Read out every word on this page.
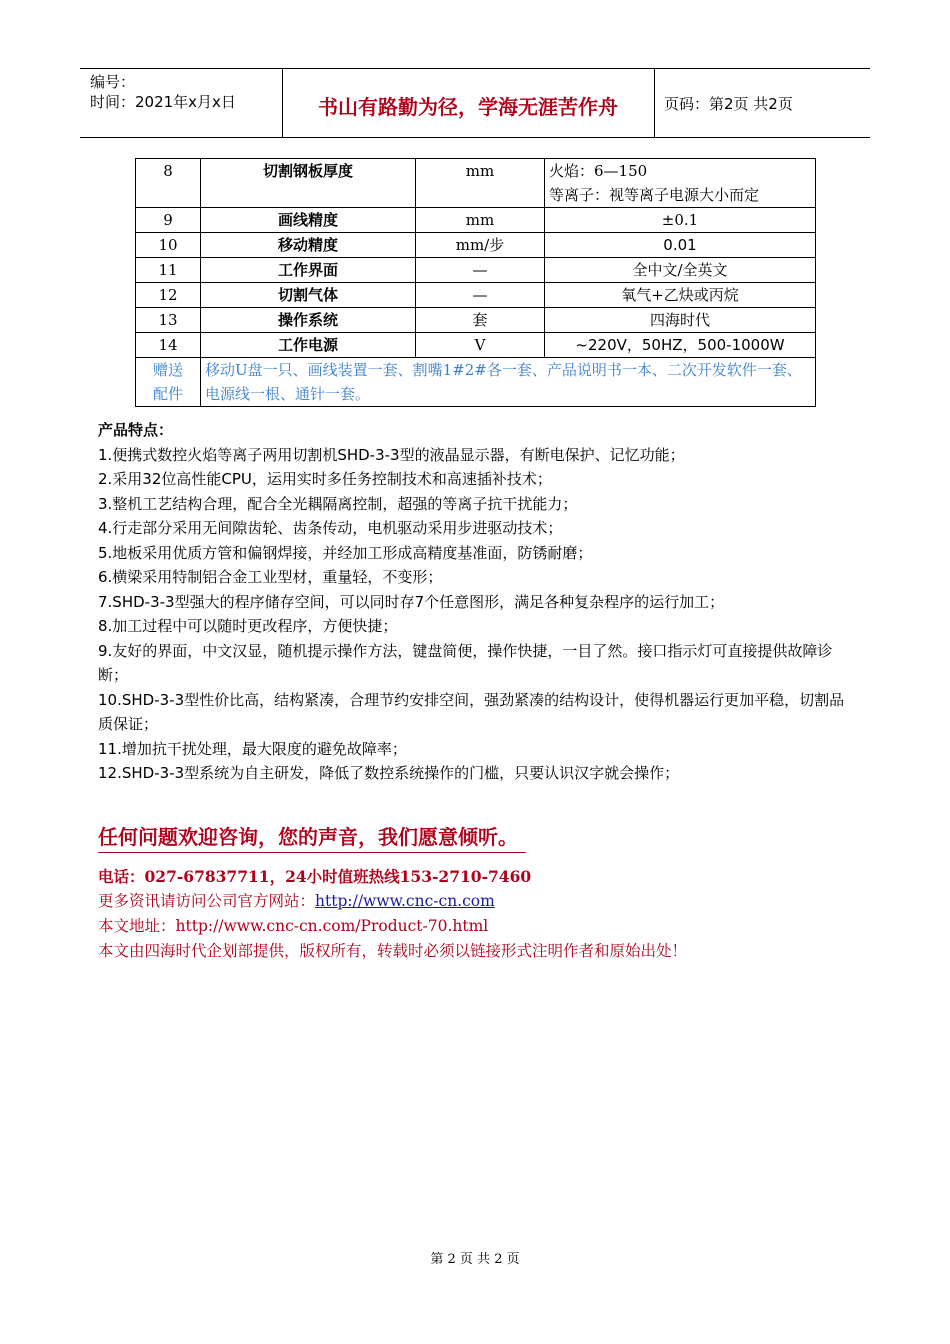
编号：
时间：2021年x月x日	书山有路勤为径，学海无涯苦作舟	页码：第2页 共2页
8	切割钢板厚度	mm	火焰：6—150
等离子：视等离子电源大小而定

9	画线精度	mm	±0.1
10	移动精度	mm/步	0.01
11	工作界面	—	全中文/全英文
12	切割气体	—	氧气+乙炔或丙烷
13	操作系统	套	四海时代
14	工作电源	V	~220V，50HZ，500-1000W

赠送
配件	移动U盘一只、画线装置一套、割嘴1#2#各一套、产品说明书一本、二次开发软件一套、电源线一根、通针一套。		

产品特点：

1.便携式数控火焰等离子两用切割机SHD-3-3型的液晶显示器，有断电保护、记忆功能；

2.采用32位高性能CPU，运用实时多任务控制技术和高速插补技术；

3.整机工艺结构合理，配合全光耦隔离控制，超强的等离子抗干扰能力；

4.行走部分采用无间隙齿轮、齿条传动，电机驱动采用步进驱动技术；

5.地板采用优质方管和偏钢焊接，并经加工形成高精度基准面，防锈耐磨；

6.横梁采用特制铝合金工业型材，重量轻，不变形；

7.SHD-3-3型强大的程序储存空间，可以同时存7个任意图形，满足各种复杂程序的运行加工；

8.加工过程中可以随时更改程序，方便快捷；

9.友好的界面，中文汉显，随机提示操作方法，键盘简便，操作快捷，一目了然。接口指示灯可直接提供故障诊断；

10.SHD-3-3型性价比高，结构紧凑，合理节约安排空间，强劲紧凑的结构设计，使得机器运行更加平稳，切割品质保证；

11.增加抗干扰处理，最大限度的避免故障率；

12.SHD-3-3型系统为自主研发，降低了数控系统操作的门槛，只要认识汉字就会操作；

任何问题欢迎咨询，您的声音，我们愿意倾听。

电话：027-67837711，24小时值班热线153-2710-7460

更多资讯请访问公司官方网站：http://www.cnc-cn.com

本文地址：http://www.cnc-cn.com/Product-70.html

本文由四海时代企划部提供，版权所有，转载时必须以链接形式注明作者和原始出处！

第 2 页 共 2 页
